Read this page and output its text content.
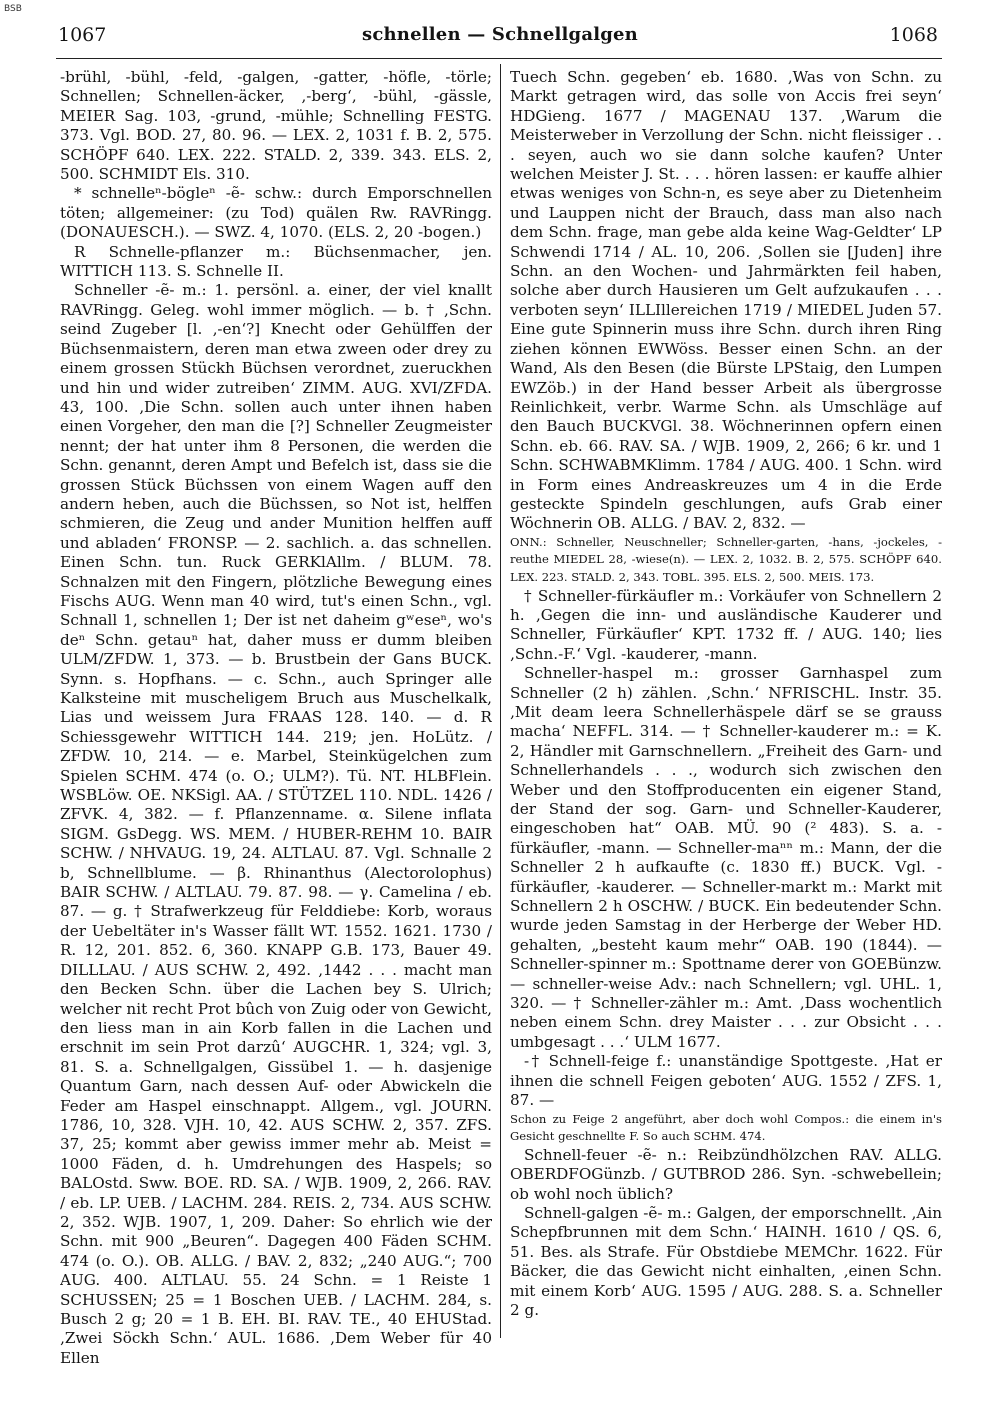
BSB
1067	schnellen — Schnellgalgen	1068

-brühl, -bühl, -feld, -galgen, -gatter, -höfle, -törle; Schnellen; Schnellen-äcker, ‚-berg‘, -bühl, -gässle, MEIER Sag. 103, -grund, -mühle; Schnelling FESTG. 373. Vgl. BOD. 27, 80. 96. — LEX. 2, 1031 f. B. 2, 575. SCHÖPF 640. LEX. 222. STALD. 2, 339. 343. ELS. 2, 500. SCHMIDT Els. 310.

* schnelleⁿ-bögleⁿ -ẽ- schw.: durch Emporschnellen töten; allgemeiner: (zu Tod) quälen Rw. RAVRingg. (DONAUESCH.). — SWZ. 4, 1070. (ELS. 2, 20 -bogen.)

R Schnelle-pflanzer m.: Büchsenmacher, jen. WITTICH 113. S. Schnelle II.

Schneller -ẽ- m.: 1. persönl. a. einer, der viel knallt RAVRingg. Geleg. wohl immer möglich. — b. † ‚Schn. seind Zugeber [l. ‚-en‘?] Knecht oder Gehülffen der Büchsenmaistern, deren man etwa zween oder drey zu einem grossen Stückh Büchsen verordnet, zueruckhen und hin und wider zutreiben‘ ZIMM. AUG. XVI/ZFDA. 43, 100. ‚Die Schn. sollen auch unter ihnen haben einen Vorgeher, den man die [?] Schneller Zeugmeister nennt; der hat unter ihm 8 Personen, die werden die Schn. genannt, deren Ampt und Befelch ist, dass sie die grossen Stück Büchssen von einem Wagen auff den andern heben, auch die Büchssen, so Not ist, helffen schmieren, die Zeug und ander Munition helffen auff und abladen‘ FRONSP. — 2. sachlich. a. das schnellen. Einen Schn. tun. Ruck GERKlAllm. / BLUM. 78. Schnalzen mit den Fingern, plötzliche Bewegung eines Fischs AUG. Wenn man 40 wird, tut's einen Schn., vgl. Schnall 1, schnellen 1; Der ist net daheim gʷeseⁿ, wo's deⁿ Schn. getauⁿ hat, daher muss er dumm bleiben ULM/ZFDW. 1, 373. — b. Brustbein der Gans BUCK. Synn. s. Hopfhans. — c. Schn., auch Springer alle Kalksteine mit muscheligem Bruch aus Muschelkalk, Lias und weissem Jura FRAAS 128. 140. — d. R Schiessgewehr WITTICH 144. 219; jen. HoLütz. / ZFDW. 10, 214. — e. Marbel, Steinkügelchen zum Spielen SCHM. 474 (o. O.; ULM?). Tü. NT. HLBFlein. WSBLöw. OE. NKSigl. AA. / STÜTZEL 110. NDL. 1426 / ZFVK. 4, 382. — f. Pflanzenname. α. Silene inflata SIGM. GsDegg. WS. MEM. / HUBER-REHM 10. BAIR SCHW. / NHVAUG. 19, 24. ALTLAU. 87. Vgl. Schnalle 2 b, Schnellblume. — β. Rhinanthus (Alectorolophus) BAIR SCHW. / ALTLAU. 79. 87. 98. — γ. Camelina / eb. 87. — g. † Strafwerkzeug für Felddiebe: Korb, woraus der Uebeltäter in's Wasser fällt WT. 1552. 1621. 1730 / R. 12, 201. 852. 6, 360. KNAPP G.B. 173, Bauer 49. DILLLAU. / AUS SCHW. 2, 492. ‚1442 . . . macht man den Becken Schn. über die Lachen bey S. Ulrich; welcher nit recht Prot bûch von Zuig oder von Gewicht, den liess man in ain Korb fallen in die Lachen und erschnit im sein Prot darzû‘ AUGCHR. 1, 324; vgl. 3, 81. S. a. Schnellgalgen, Gissübel 1. — h. dasjenige Quantum Garn, nach dessen Auf- oder Abwickeln die Feder am Haspel einschnappt. Allgem., vgl. JOURN. 1786, 10, 328. VJH. 10, 42. AUS SCHW. 2, 357. ZFS. 37, 25; kommt aber gewiss immer mehr ab. Meist = 1000 Fäden, d. h. Umdrehungen des Haspels; so BALOstd. Sww. BOE. RD. SA. / WJB. 1909, 2, 266. RAV. / eb. LP. UEB. / LACHM. 284. REIS. 2, 734. AUS SCHW. 2, 352. WJB. 1907, 1, 209. Daher: So ehrlich wie der Schn. mit 900 „Beuren“. Dagegen 400 Fäden SCHM. 474 (o. O.). OB. ALLG. / BAV. 2, 832; „240 AUG.“; 700 AUG. 400. ALTLAU. 55. 24 Schn. = 1 Reiste 1 SCHUSSEN; 25 = 1 Boschen UEB. / LACHM. 284, s. Busch 2 g; 20 = 1 B. EH. BI. RAV. TE., 40 EHUStad. ‚Zwei Söckh Schn.‘ AUL. 1686. ‚Dem Weber für 40 Ellen

Tuech Schn. gegeben‘ eb. 1680. ‚Was von Schn. zu Markt getragen wird, das solle von Accis frei seyn‘ HDGieng. 1677 / MAGENAU 137. ‚Warum die Meisterweber in Verzollung der Schn. nicht fleissiger . . . seyen, auch wo sie dann solche kaufen? Unter welchen Meister J. St. . . . hören lassen: er kauffe alhier etwas weniges von Schn-n, es seye aber zu Dietenheim und Lauppen nicht der Brauch, dass man also nach dem Schn. frage, man gebe alda keine Wag-Geldter‘ LP Schwendi 1714 / AL. 10, 206. ‚Sollen sie [Juden] ihre Schn. an den Wochen- und Jahrmärkten feil haben, solche aber durch Hausieren um Gelt aufzukaufen . . . verboten seyn‘ ILLIllereichen 1719 / MIEDEL Juden 57. Eine gute Spinnerin muss ihre Schn. durch ihren Ring ziehen können EWWöss. Besser einen Schn. an der Wand, Als den Besen (die Bürste LPStaig, den Lumpen EWZöb.) in der Hand besser Arbeit als übergrosse Reinlichkeit, verbr. Warme Schn. als Umschläge auf den Bauch BUCKVGl. 38. Wöchnerinnen opfern einen Schn. eb. 66. RAV. SA. / WJB. 1909, 2, 266; 6 kr. und 1 Schn. SCHWABMKlimm. 1784 / AUG. 400. 1 Schn. wird in Form eines Andreaskreuzes um 4 in die Erde gesteckte Spindeln geschlungen, aufs Grab einer Wöchnerin OB. ALLG. / BAV. 2, 832. —

ONN.: Schneller, Neuschneller; Schneller-garten, -hans, -jockeles, -reuthe MIEDEL 28, -wiese(n). — LEX. 2, 1032. B. 2, 575. SCHÖPF 640. LEX. 223. STALD. 2, 343. TOBL. 395. ELS. 2, 500. MEIS. 173.

† Schneller-fürkäufler m.: Vorkäufer von Schnellern 2 h. ‚Gegen die inn- und ausländische Kauderer und Schneller, Fürkäufler‘ KPT. 1732 ff. / AUG. 140; lies ‚Schn.-F.‘ Vgl. -kauderer, -mann.

Schneller-haspel m.: grosser Garnhaspel zum Schneller (2 h) zählen. ‚Schn.‘ NFRISCHL. Instr. 35. ‚Mit deam leera Schnellerhäspele därf se se grauss macha‘ NEFFL. 314. — † Schneller-kauderer m.: = K. 2, Händler mit Garnschnellern. „Freiheit des Garn- und Schnellerhandels . . ., wodurch sich zwischen den Weber und den Stoffproducenten ein eigener Stand, der Stand der sog. Garn- und Schneller-Kauderer, eingeschoben hat“ OAB. MÜ. 90 (² 483). S. a. -fürkäufler, -mann. — Schneller-maⁿⁿ m.: Mann, der die Schneller 2 h aufkaufte (c. 1830 ff.) BUCK. Vgl. -fürkäufler, -kauderer. — Schneller-markt m.: Markt mit Schnellern 2 h OSCHW. / BUCK. Ein bedeutender Schn. wurde jeden Samstag in der Herberge der Weber HD. gehalten, „besteht kaum mehr“ OAB. 190 (1844). — Schneller-spinner m.: Spottname derer von GOEBünzw. — schneller-weise Adv.: nach Schnellern; vgl. UHL. 1, 320. — † Schneller-zähler m.: Amt. ‚Dass wochentlich neben einem Schn. drey Maister . . . zur Obsicht . . . umbgesagt . . .‘ ULM 1677.

-† Schnell-feige f.: unanständige Spottgeste. ‚Hat er ihnen die schnell Feigen geboten‘ AUG. 1552 / ZFS. 1, 87. —

Schon zu Feige 2 angeführt, aber doch wohl Compos.: die einem in's Gesicht geschnellte F. So auch SCHM. 474.

Schnell-feuer -ẽ- n.: Reibzündhölzchen RAV. ALLG. OBERDFOGünzb. / GUTBROD 286. Syn. -schwebellein; ob wohl noch üblich?

Schnell-galgen -ẽ- m.: Galgen, der emporschnellt. ‚Ain Schepfbrunnen mit dem Schn.‘ HAINH. 1610 / QS. 6, 51. Bes. als Strafe. Für Obstdiebe MEMChr. 1622. Für Bäcker, die das Gewicht nicht einhalten, ‚einen Schn. mit einem Korb‘ AUG. 1595 / AUG. 288. S. a. Schneller 2 g.
